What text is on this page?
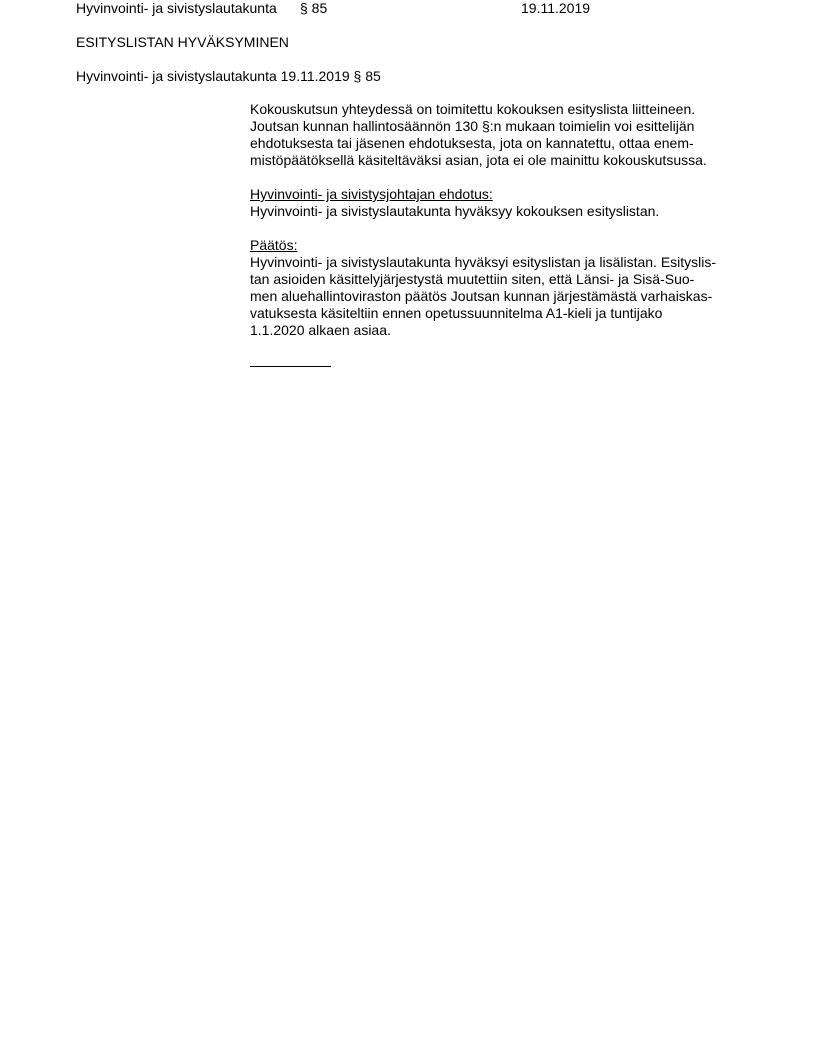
Hyvinvointi- ja sivistyslautakunta § 85	19.11.2019
ESITYSLISTAN HYVÄKSYMINEN
Hyvinvointi- ja sivistyslautakunta 19.11.2019 § 85
Kokouskutsun yhteydessä on toimitettu kokouksen esityslista liitteineen.
Joutsan kunnan hallintosäännön 130 §:n mukaan toimielin voi esittelijän
ehdotuksesta tai jäsenen ehdotuksesta, jota on kannatettu, ottaa enem-
mistöpäätöksellä käsiteltäväksi asian, jota ei ole mainittu kokouskutsussa.
Hyvinvointi- ja sivistysjohtajan ehdotus:
Hyvinvointi- ja sivistyslautakunta hyväksyy kokouksen esityslistan.
Päätös:
Hyvinvointi- ja sivistyslautakunta hyväksyi esityslistan ja lisälistan. Esityslis-
tan asioiden käsittelyjärjestystä muutettiin siten, että Länsi- ja Sisä-Suo-
men aluehallintoviraston päätös Joutsan kunnan järjestämästä varhaiskas-
vatuksesta käsiteltiin ennen opetussuunnitelma A1-kieli ja tuntijako
1.1.2020 alkaen asiaa.
